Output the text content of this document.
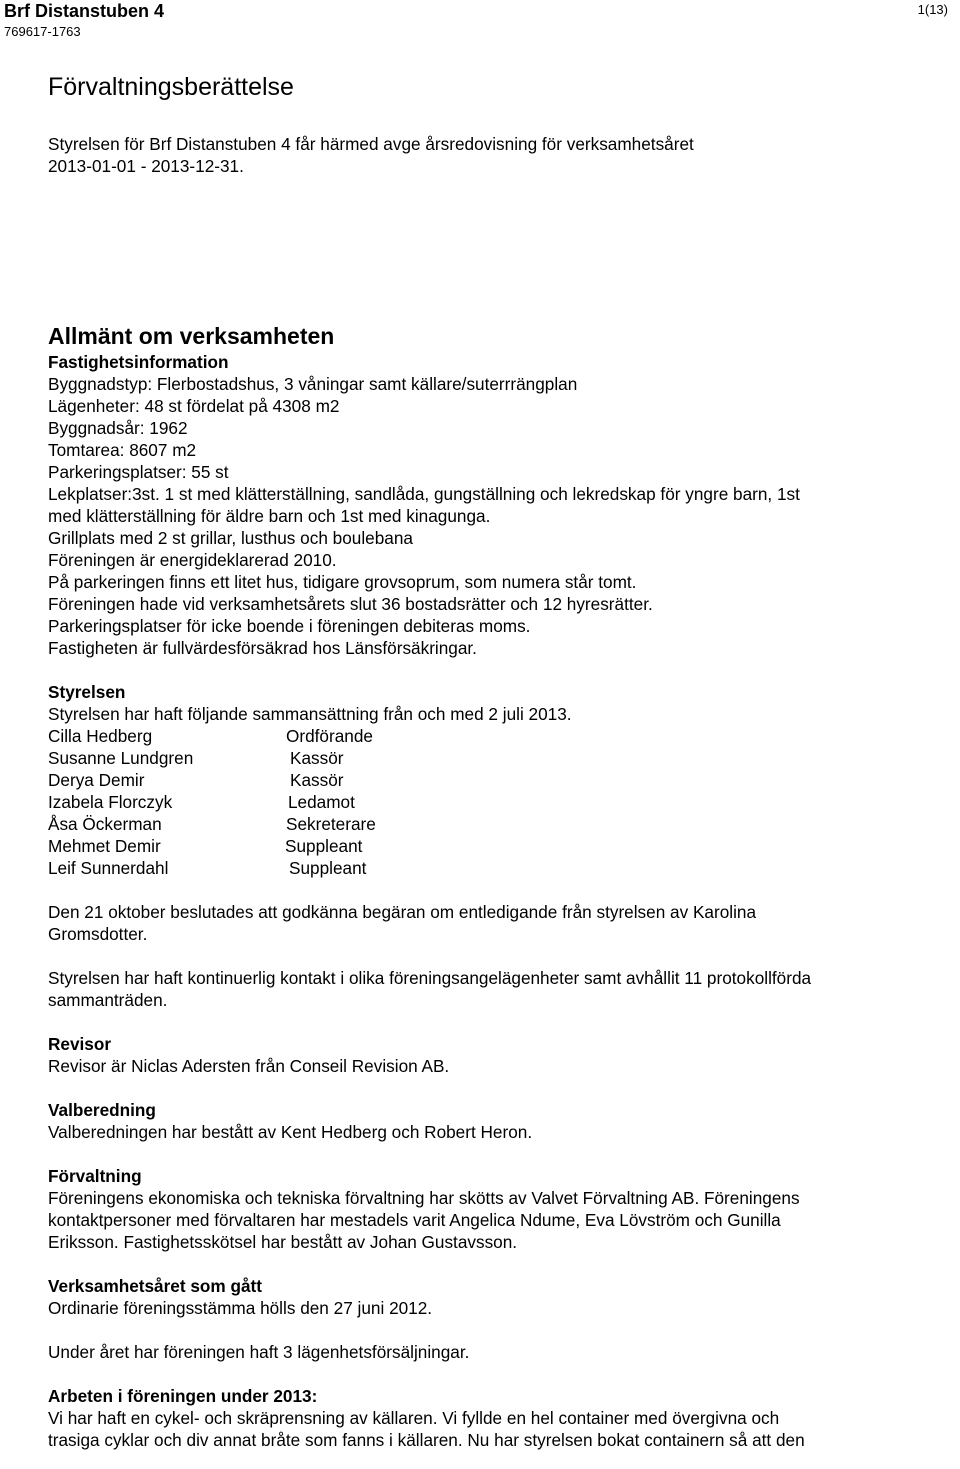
Brf Distanstuben 4
769617-1763
1(13)
Förvaltningsberättelse

Styrelsen för Brf Distanstuben 4 får härmed avge årsredovisning för verksamhetsåret

2013-01-01 - 2013-12-31.

Allmänt om verksamheten

Fastighetsinformation

Byggnadstyp: Flerbostadshus, 3 våningar samt källare/suterrrängplan

Lägenheter: 48 st fördelat på 4308 m2

Byggnadsår: 1962

Tomtarea: 8607 m2

Parkeringsplatser: 55 st

Lekplatser:3st. 1 st med klätterställning, sandlåda, gungställning och lekredskap för yngre barn, 1st

med klätterställning för äldre barn och 1st med kinagunga.

Grillplats med 2 st grillar, lusthus och boulebana

Föreningen är energideklarerad 2010.

På parkeringen finns ett litet hus, tidigare grovsoprum, som numera står tomt.

Föreningen hade vid verksamhetsårets slut 36 bostadsrätter och 12 hyresrätter.

Parkeringsplatser för icke boende i föreningen debiteras moms.

Fastigheten är fullvärdesförsäkrad hos Länsförsäkringar.

Styrelsen

Styrelsen har haft följande sammansättning från och med 2 juli 2013.

Cilla Hedberg	Ordförande
Susanne Lundgren	Kassör
Derya Demir	Kassör
Izabela Florczyk	Ledamot
Åsa Öckerman	Sekreterare
Mehmet Demir	Suppleant
Leif Sunnerdahl	Suppleant

Den 21 oktober beslutades att godkänna begäran om entledigande från styrelsen av Karolina

Gromsdotter.

Styrelsen har haft kontinuerlig kontakt i olika föreningsangelägenheter samt avhållit 11 protokollförda

sammanträden.

Revisor

Revisor är Niclas Adersten från Conseil Revision AB.

Valberedning

Valberedningen har bestått av Kent Hedberg och Robert Heron.

Förvaltning

Föreningens ekonomiska och tekniska förvaltning har skötts av Valvet Förvaltning AB. Föreningens

kontaktpersoner med förvaltaren har mestadels varit Angelica Ndume, Eva Lövström och Gunilla

Eriksson. Fastighetsskötsel har bestått av Johan Gustavsson.

Verksamhetsåret som gått

Ordinarie föreningsstämma hölls den 27 juni 2012.

Under året har föreningen haft 3 lägenhetsförsäljningar.

Arbeten i föreningen under 2013:

Vi har haft en cykel- och skräprensning av källaren. Vi fyllde en hel container med övergivna och

trasiga cyklar och div annat bråte som fanns i källaren. Nu har styrelsen bokat containern så att den
